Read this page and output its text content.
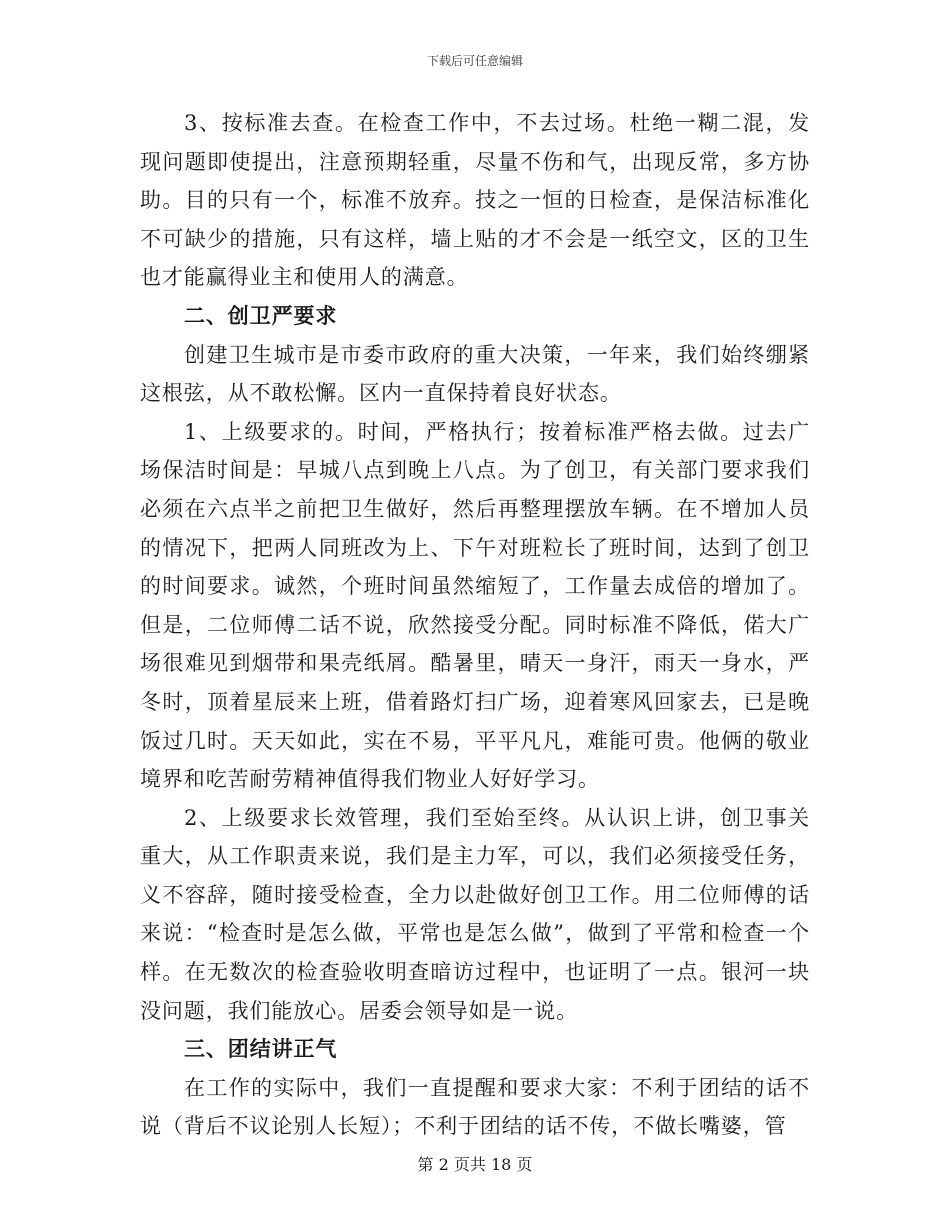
下载后可任意编辑

3、按标准去查。在检查工作中，不去过场。杜绝一糊二混，发现问题即使提出，注意预期轻重，尽量不伤和气，出现反常，多方协助。目的只有一个，标准不放弃。技之一恒的日检查，是保洁标准化不可缺少的措施，只有这样，墙上贴的才不会是一纸空文，区的卫生也才能赢得业主和使用人的满意。

二、创卫严要求

创建卫生城市是市委市政府的重大决策，一年来，我们始终绷紧这根弦，从不敢松懈。区内一直保持着良好状态。

1、上级要求的。时间，严格执行；按着标准严格去做。过去广场保洁时间是：早城八点到晚上八点。为了创卫，有关部门要求我们必须在六点半之前把卫生做好，然后再整理摆放车辆。在不增加人员的情况下，把两人同班改为上、下午对班粒长了班时间，达到了创卫的时间要求。诚然，个班时间虽然缩短了，工作量去成倍的增加了。但是，二位师傅二话不说，欣然接受分配。同时标准不降低，偌大广场很难见到烟带和果壳纸屑。酷暑里，晴天一身汗，雨天一身水，严冬时，顶着星辰来上班，借着路灯扫广场，迎着寒风回家去，已是晚饭过几时。天天如此，实在不易，平平凡凡，难能可贵。他俩的敬业境界和吃苦耐劳精神值得我们物业人好好学习。

2、上级要求长效管理，我们至始至终。从认识上讲，创卫事关重大，从工作职责来说，我们是主力军，可以，我们必须接受任务，义不容辞，随时接受检查，全力以赴做好创卫工作。用二位师傅的话来说：“检查时是怎么做，平常也是怎么做”，做到了平常和检查一个样。在无数次的检查验收明查暗访过程中，也证明了一点。银河一块没问题，我们能放心。居委会领导如是一说。

三、团结讲正气

在工作的实际中，我们一直提醒和要求大家：不利于团结的话不说（背后不议论别人长短）；不利于团结的话不传，不做长嘴婆，管

第 2 页共 18 页
